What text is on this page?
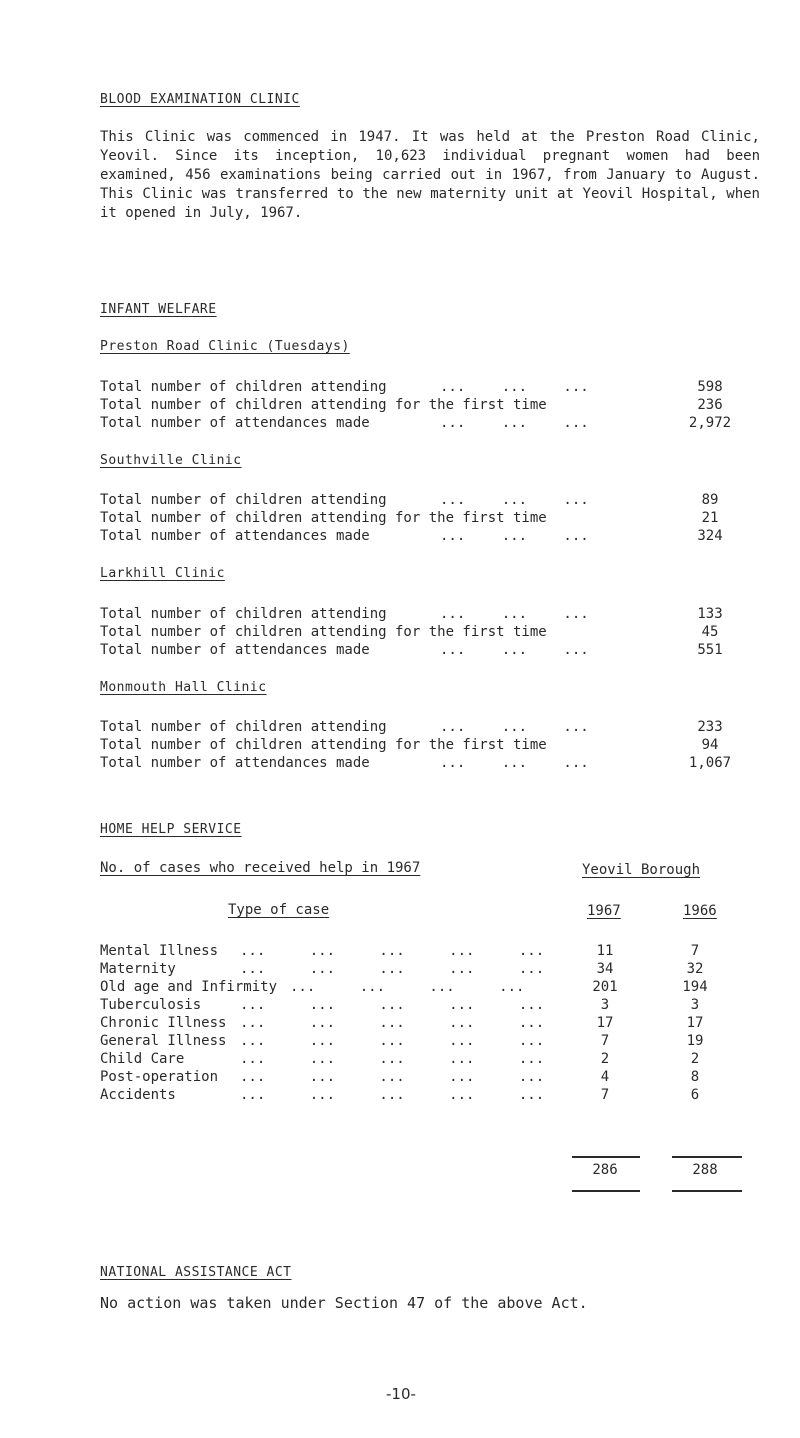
BLOOD EXAMINATION CLINIC
This Clinic was commenced in 1947. It was held at the Preston Road Clinic, Yeovil. Since its inception, 10,623 individual pregnant women had been examined, 456 examinations being carried out in 1967, from January to August. This Clinic was transferred to the new maternity unit at Yeovil Hospital, when it opened in July, 1967.
INFANT WELFARE
Preston Road Clinic (Tuesdays)
Total number of children attending	... ... ...	598
Total number of children attending for the first time	236
Total number of attendances made	... ... ...	2,972
Southville Clinic
Total number of children attending	... ... ...	89
Total number of children attending for the first time	21
Total number of attendances made	... ... ...	324
Larkhill Clinic
Total number of children attending	... ... ...	133
Total number of children attending for the first time	45
Total number of attendances made	... ... ...	551
Monmouth Hall Clinic
Total number of children attending	... ... ...	233
Total number of children attending for the first time	94
Total number of attendances made	... ... ...	1,067
HOME HELP SERVICE
No. of cases who received help in 1967	Yeovil Borough
Type of case	1967	1966
Mental Illness ... ... ... ... ...	11	7
Maternity	... ... ... ... ...	34	32
Old age and Infirmity ... ... ... ...	201	194
Tuberculosis	... ... ... ... ...	3	3
Chronic Illness ... ... ... ... ...	17	17
General Illness ... ... ... ... ...	7	19
Child Care	... ... ... ... ...	2	2
Post-operation ... ... ... ... ...	4	8
Accidents	... ... ... ... ...	7	6
286	288
NATIONAL ASSISTANCE ACT
No action was taken under Section 47 of the above Act.
-10-
